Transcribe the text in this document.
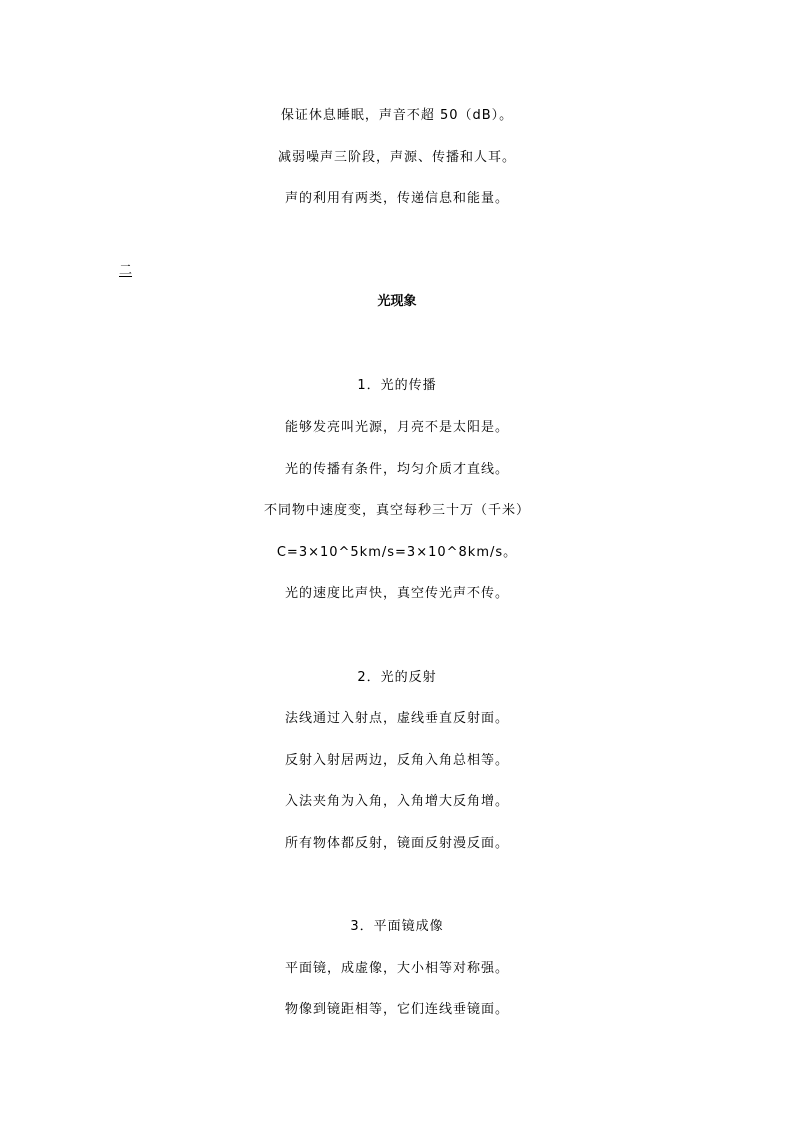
保证休息睡眠，声音不超 50（dB）。
减弱噪声三阶段，声源、传播和人耳。
声的利用有两类，传递信息和能量。
二
光现象
1．光的传播
能够发亮叫光源，月亮不是太阳是。
光的传播有条件，均匀介质才直线。
不同物中速度变，真空每秒三十万（千米）
C=3×10^5km/s=3×10^8km/s。
光的速度比声快，真空传光声不传。
2．光的反射
法线通过入射点，虚线垂直反射面。
反射入射居两边，反角入角总相等。
入法夹角为入角，入角增大反角增。
所有物体都反射，镜面反射漫反面。
3．平面镜成像
平面镜，成虚像，大小相等对称强。
物像到镜距相等，它们连线垂镜面。
